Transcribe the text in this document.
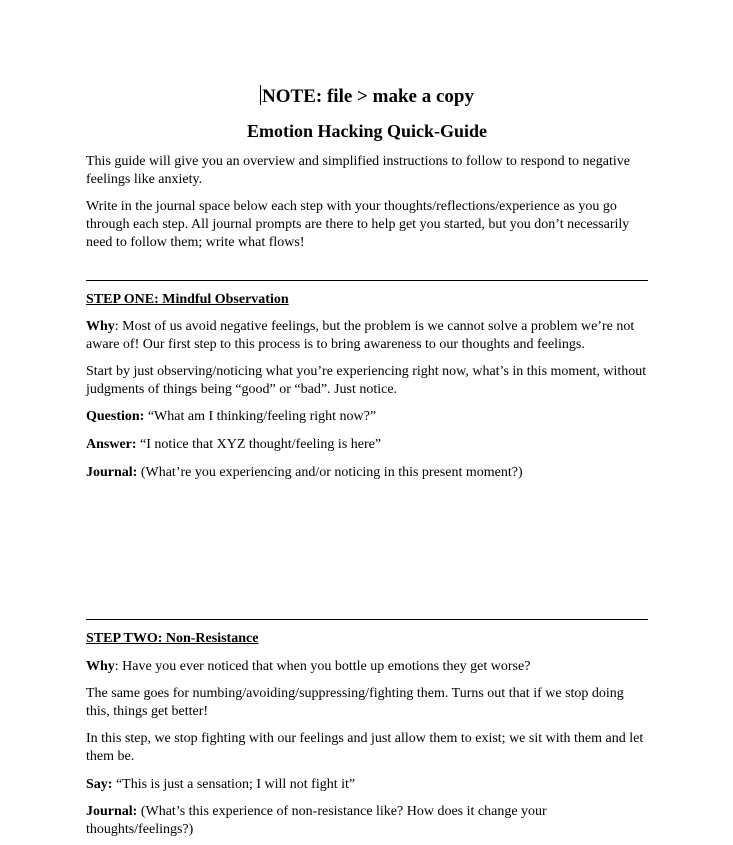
NOTE: file > make a copy
Emotion Hacking Quick-Guide

This guide will give you an overview and simplified instructions to follow to respond to negative feelings like anxiety.

Write in the journal space below each step with your thoughts/reflections/experience as you go through each step. All journal prompts are there to help get you started, but you don’t necessarily need to follow them; write what flows!

STEP ONE: Mindful Observation

Why: Most of us avoid negative feelings, but the problem is we cannot solve a problem we’re not aware of! Our first step to this process is to bring awareness to our thoughts and feelings.

Start by just observing/noticing what you’re experiencing right now, what’s in this moment, without judgments of things being “good” or “bad”. Just notice.

Question: “What am I thinking/feeling right now?”

Answer: “I notice that XYZ thought/feeling is here”

Journal: (What’re you experiencing and/or noticing in this present moment?)

STEP TWO: Non-Resistance

Why: Have you ever noticed that when you bottle up emotions they get worse?

The same goes for numbing/avoiding/suppressing/fighting them. Turns out that if we stop doing this, things get better!

In this step, we stop fighting with our feelings and just allow them to exist; we sit with them and let them be.

Say: “This is just a sensation; I will not fight it”

Journal: (What’s this experience of non-resistance like? How does it change your thoughts/feelings?)
